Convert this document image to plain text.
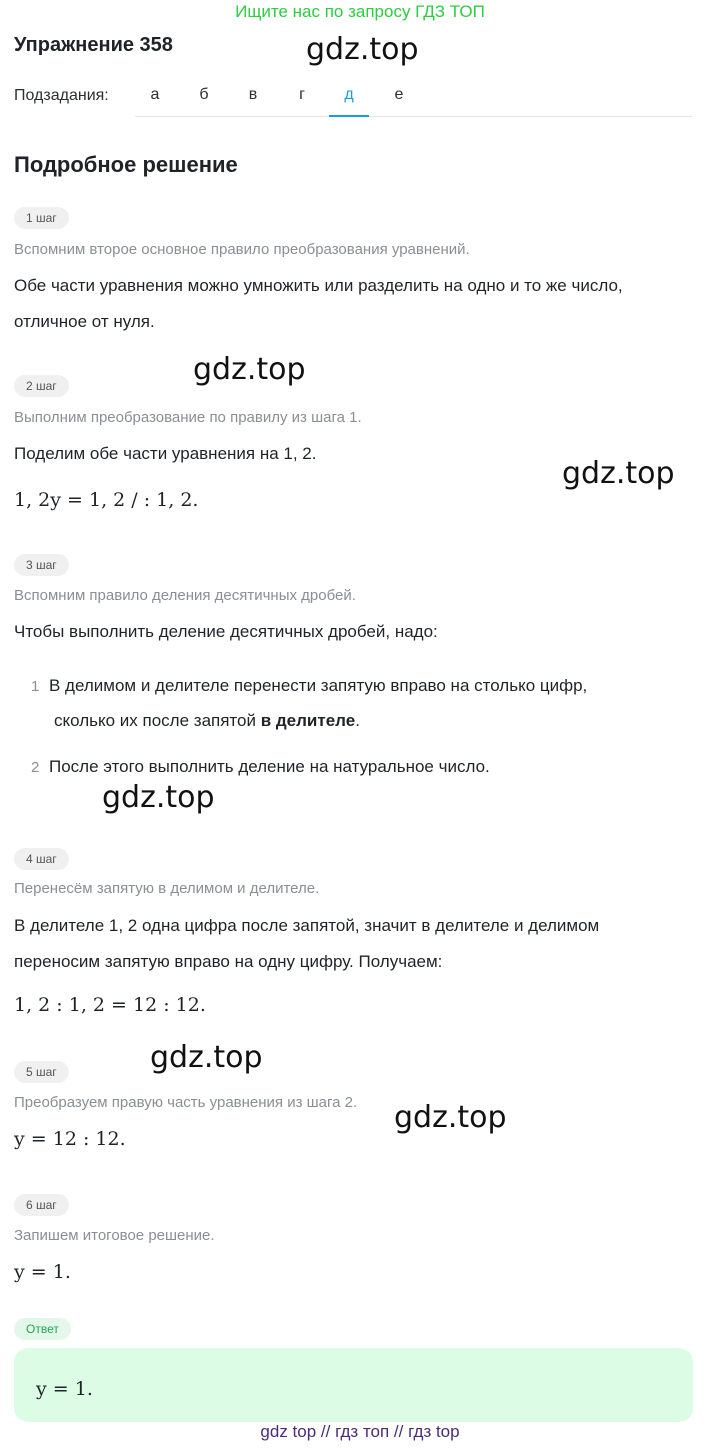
Ищите нас по запросу ГДЗ ТОП
Упражнение 358	gdz.top
gdz.top
gdz.top
gdz.top
gdz.top
gdz.top
Подзадания:	а	б	в	г	д	е
Подробное решение
1 шаг
Вспомним второе основное правило преобразования уравнений.
Обе части уравнения можно умножить или разделить на одно и то же число,
отличное от нуля.
2 шаг
Выполним преобразование по правилу из шага 1.
Поделим обе части уравнения на 1, 2.
1, 2y = 1, 2 / : 1, 2.
3 шаг
Вспомним правило деления десятичных дробей.
Чтобы выполнить деление десятичных дробей, надо:
1 В делимом и делителе перенести запятую вправо на столько цифр,
сколько их после запятой в делителе.
2 После этого выполнить деление на натуральное число.
4 шаг
Перенесём запятую в делимом и делителе.
В делителе 1, 2 одна цифра после запятой, значит в делителе и делимом
переносим запятую вправо на одну цифру. Получаем:
1, 2 : 1, 2 = 12 : 12.
5 шаг
Преобразуем правую часть уравнения из шага 2.
y = 12 : 12.
6 шаг
Запишем итоговое решение.
y = 1.
Ответ
y = 1.
gdz top // гдз топ // гдз top
